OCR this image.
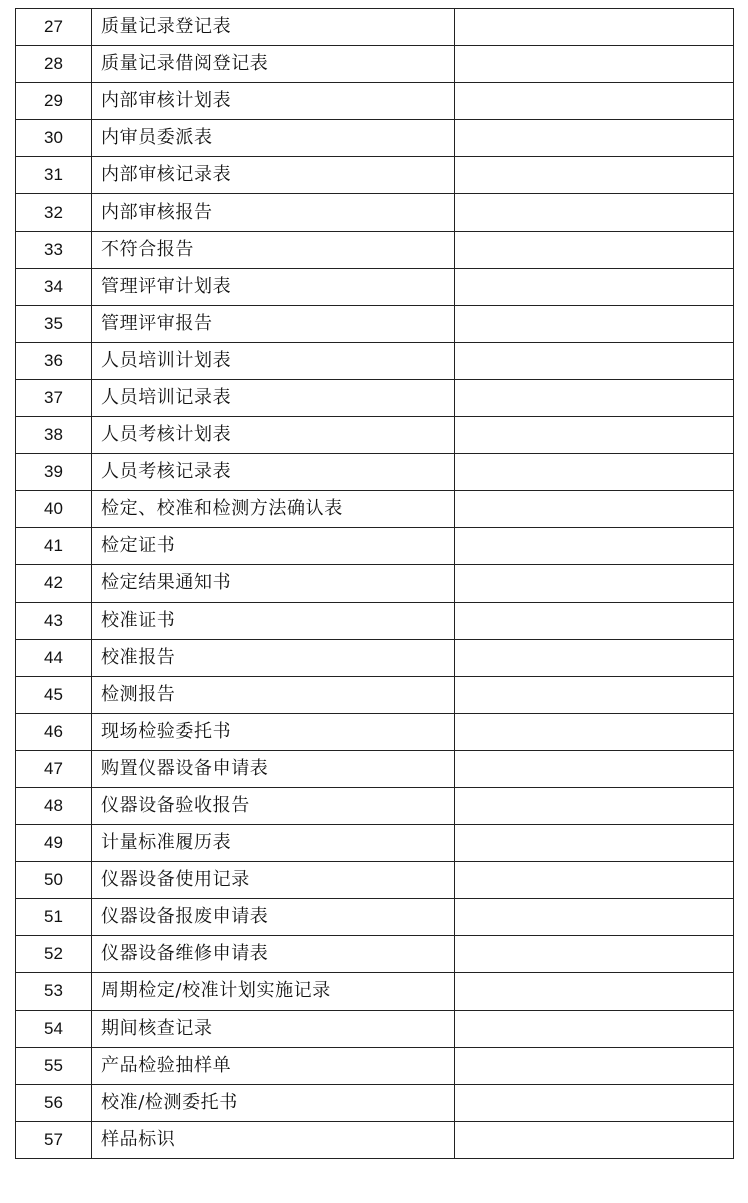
27	质量记录登记表	
28	质量记录借阅登记表	
29	内部审核计划表	
30	内审员委派表	
31	内部审核记录表	
32	内部审核报告	
33	不符合报告	
34	管理评审计划表	
35	管理评审报告	
36	人员培训计划表	
37	人员培训记录表	
38	人员考核计划表	
39	人员考核记录表	
40	检定、校准和检测方法确认表	
41	检定证书	
42	检定结果通知书	
43	校准证书	
44	校准报告	
45	检测报告	
46	现场检验委托书	
47	购置仪器设备申请表	
48	仪器设备验收报告	
49	计量标准履历表	
50	仪器设备使用记录	
51	仪器设备报废申请表	
52	仪器设备维修申请表	
53	周期检定/校准计划实施记录	
54	期间核查记录	
55	产品检验抽样单	
56	校准/检测委托书	
57	样品标识	
